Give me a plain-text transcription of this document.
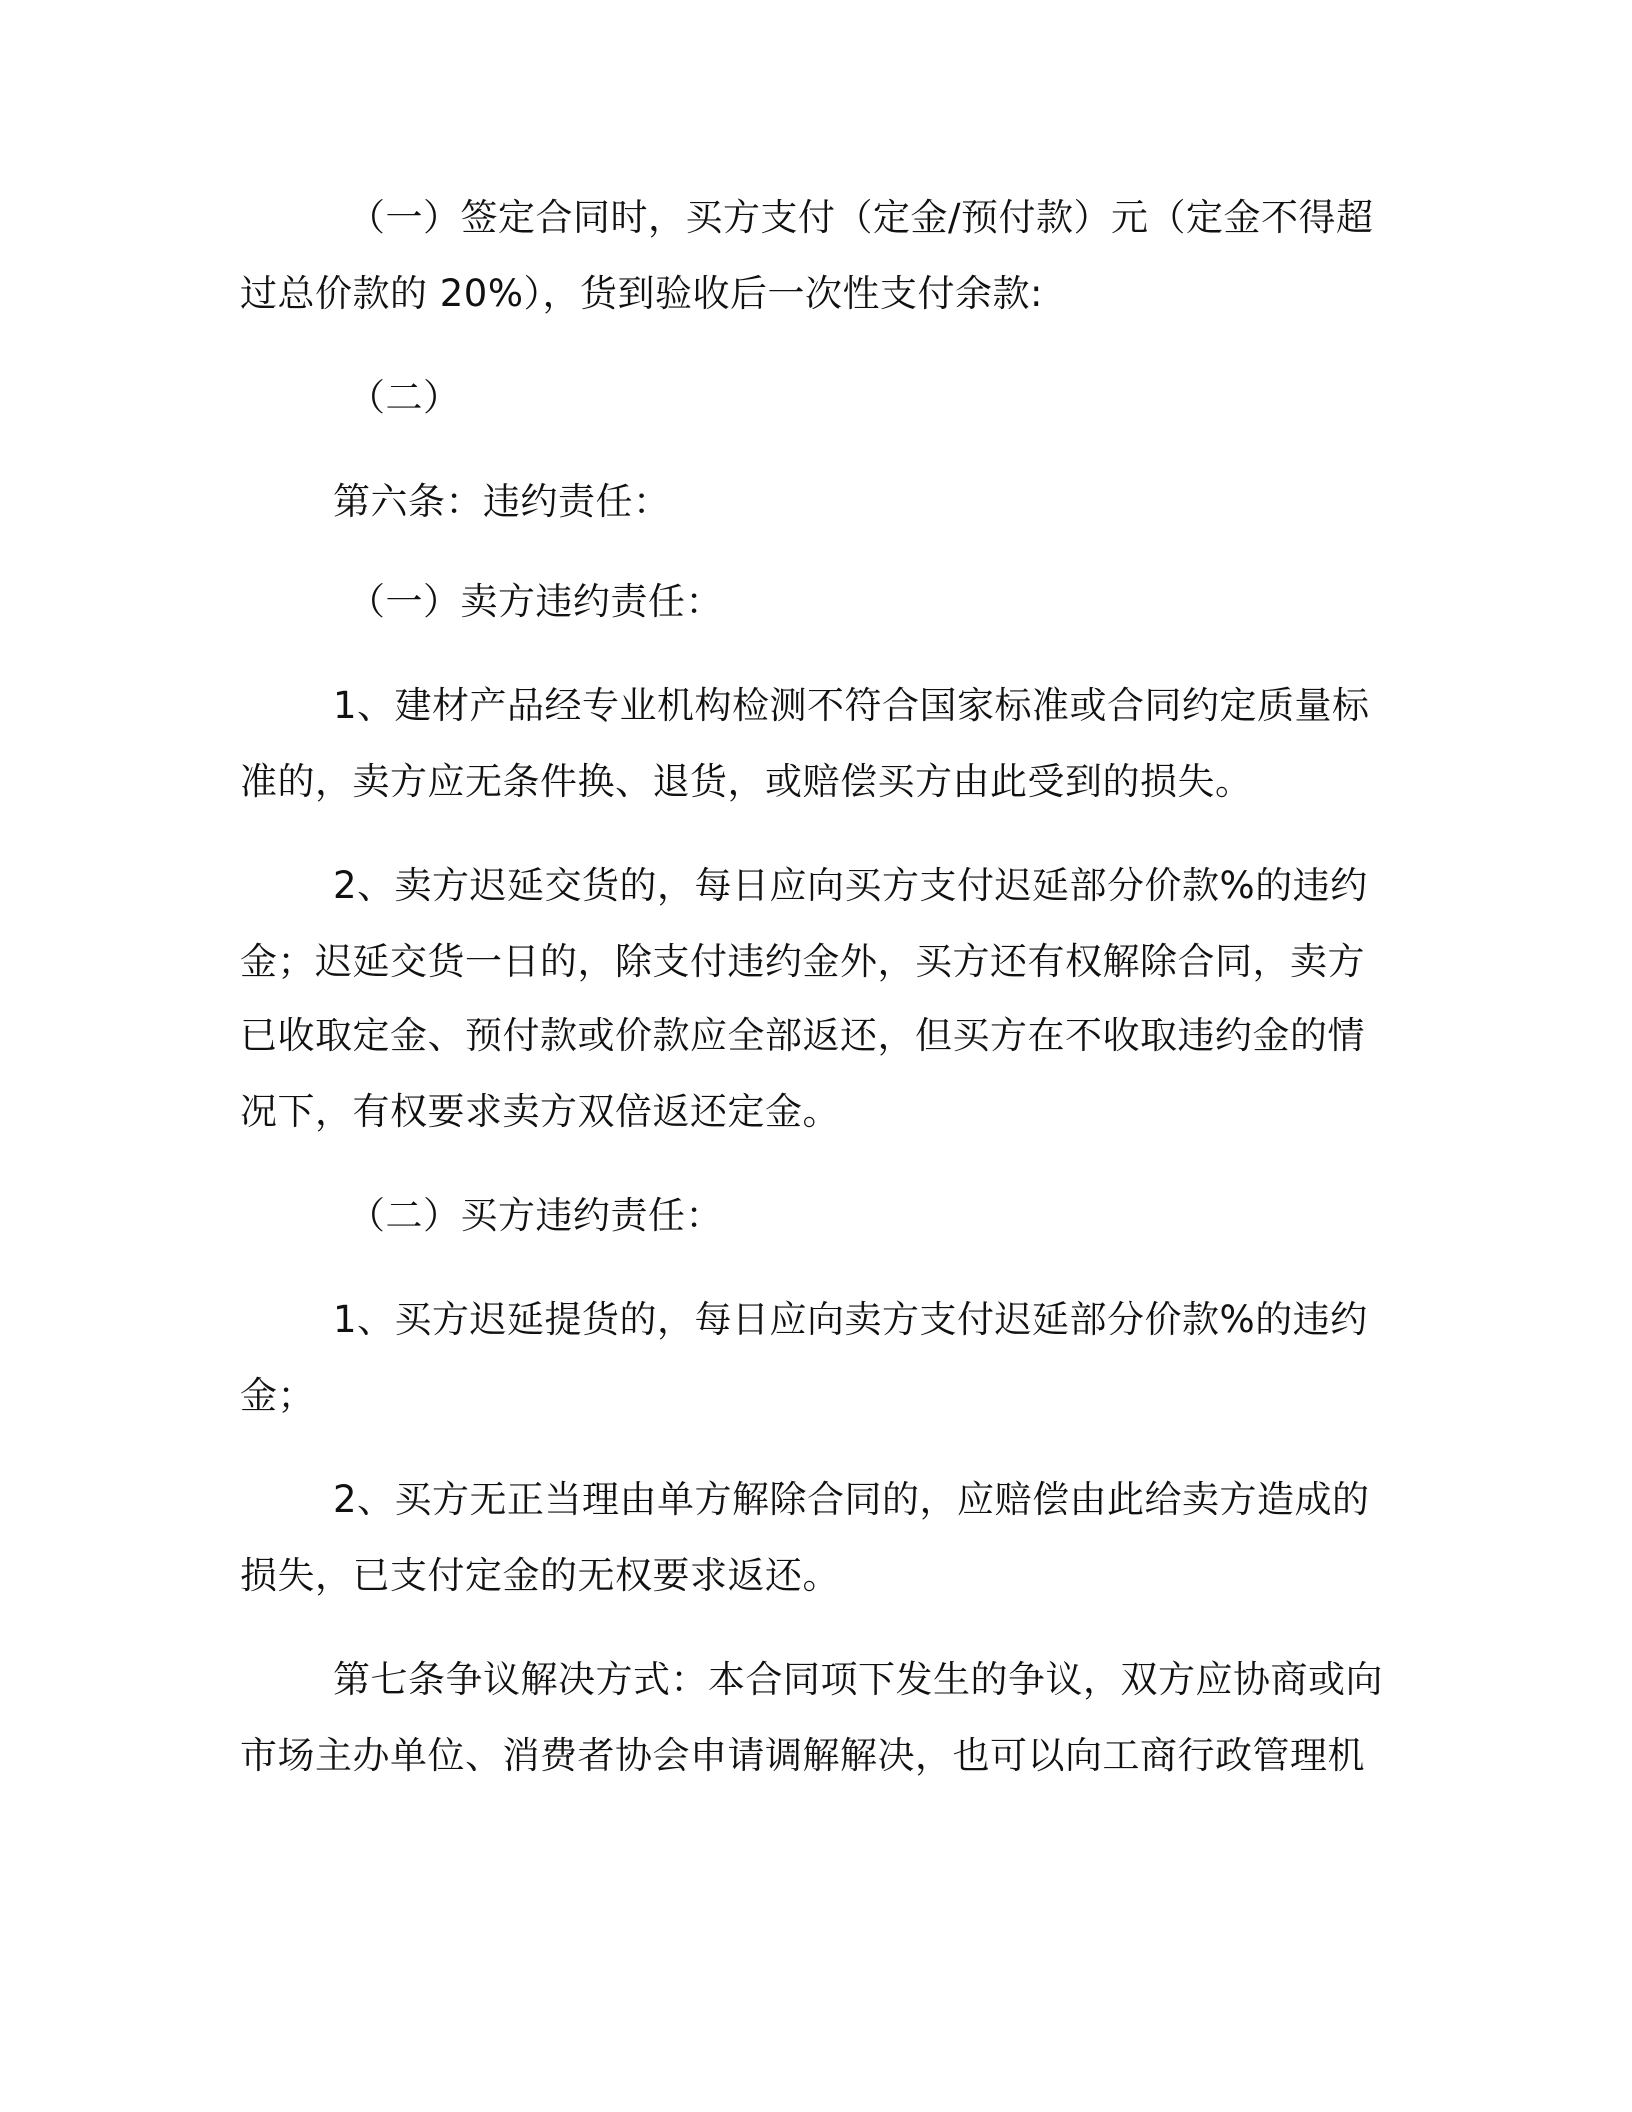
（一）签定合同时，买方支付（定金/预付款）元（定金不得超

过总价款的 20%），货到验收后一次性支付余款:

（二）

第六条：违约责任：

（一）卖方违约责任：

1、建材产品经专业机构检测不符合国家标准或合同约定质量标

准的，卖方应无条件换、退货，或赔偿买方由此受到的损失。

2、卖方迟延交货的，每日应向买方支付迟延部分价款%的违约

金；迟延交货一日的，除支付违约金外，买方还有权解除合同，卖方

已收取定金、预付款或价款应全部返还，但买方在不收取违约金的情

况下，有权要求卖方双倍返还定金。

（二）买方违约责任：

1、买方迟延提货的，每日应向卖方支付迟延部分价款%的违约

金；

2、买方无正当理由单方解除合同的，应赔偿由此给卖方造成的

损失，已支付定金的无权要求返还。

第七条争议解决方式：本合同项下发生的争议，双方应协商或向

市场主办单位、消费者协会申请调解解决，也可以向工商行政管理机
